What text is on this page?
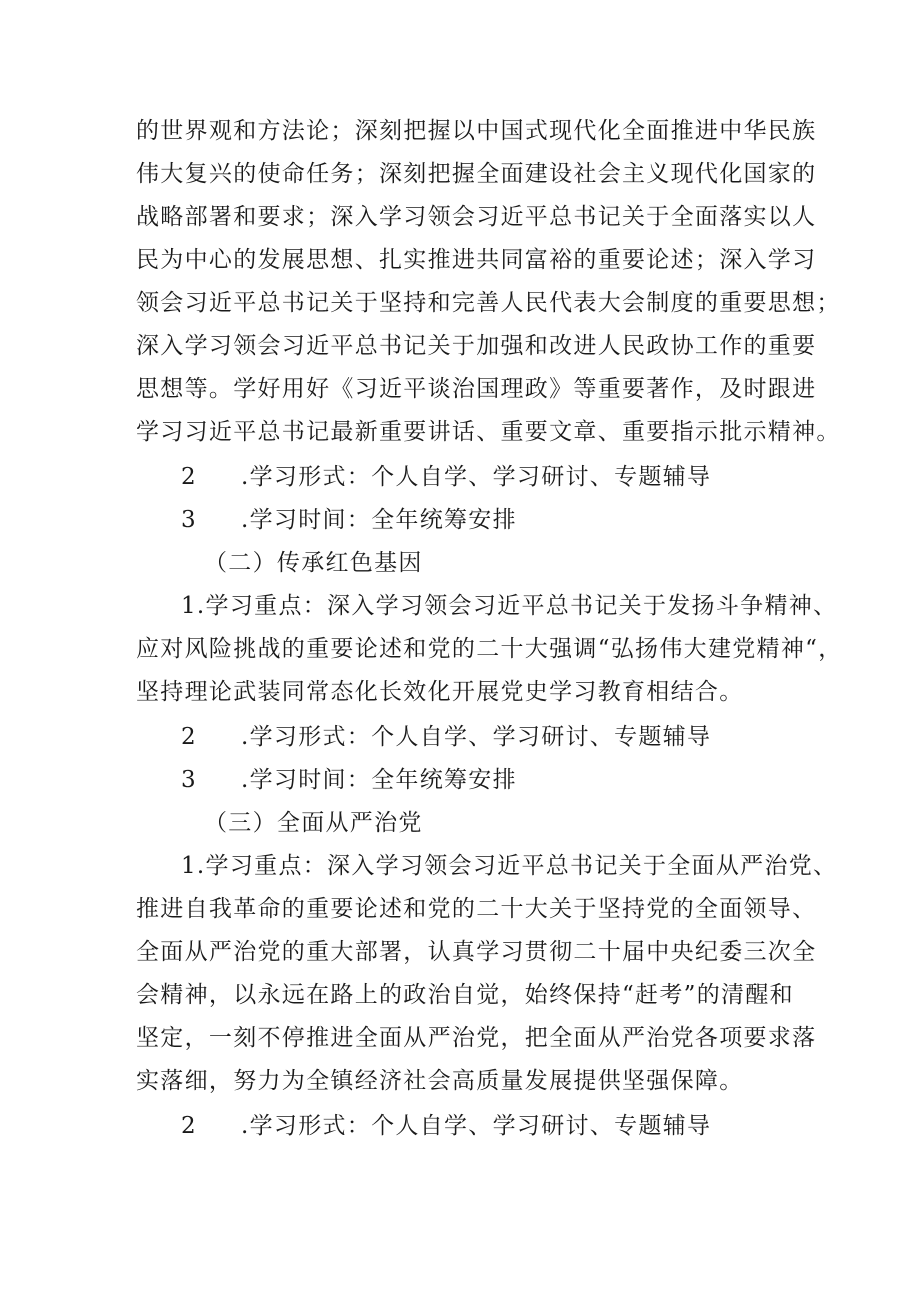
的世界观和方法论；深刻把握以中国式现代化全面推进中华民族
伟大复兴的使命任务；深刻把握全面建设社会主义现代化国家的
战略部署和要求；深入学习领会习近平总书记关于全面落实以人
民为中心的发展思想、扎实推进共同富裕的重要论述；深入学习
领会习近平总书记关于坚持和完善人民代表大会制度的重要思想；
深入学习领会习近平总书记关于加强和改进人民政协工作的重要
思想等。学好用好《习近平谈治国理政》等重要著作，及时跟进
学习习近平总书记最新重要讲话、重要文章、重要指示批示精神。
2 .学习形式：个人自学、学习研讨、专题辅导
3 .学习时间：全年统筹安排
（二）传承红色基因
1.学习重点：深入学习领会习近平总书记关于发扬斗争精神、
应对风险挑战的重要论述和党的二十大强调“弘扬伟大建党精神“，
坚持理论武装同常态化长效化开展党史学习教育相结合。
2 .学习形式：个人自学、学习研讨、专题辅导
3 .学习时间：全年统筹安排
（三）全面从严治党
1.学习重点：深入学习领会习近平总书记关于全面从严治党、
推进自我革命的重要论述和党的二十大关于坚持党的全面领导、
全面从严治党的重大部署，认真学习贯彻二十届中央纪委三次全
会精神，以永远在路上的政治自觉，始终保持“赶考”的清醒和
坚定，一刻不停推进全面从严治党，把全面从严治党各项要求落
实落细，努力为全镇经济社会高质量发展提供坚强保障。
2 .学习形式：个人自学、学习研讨、专题辅导
